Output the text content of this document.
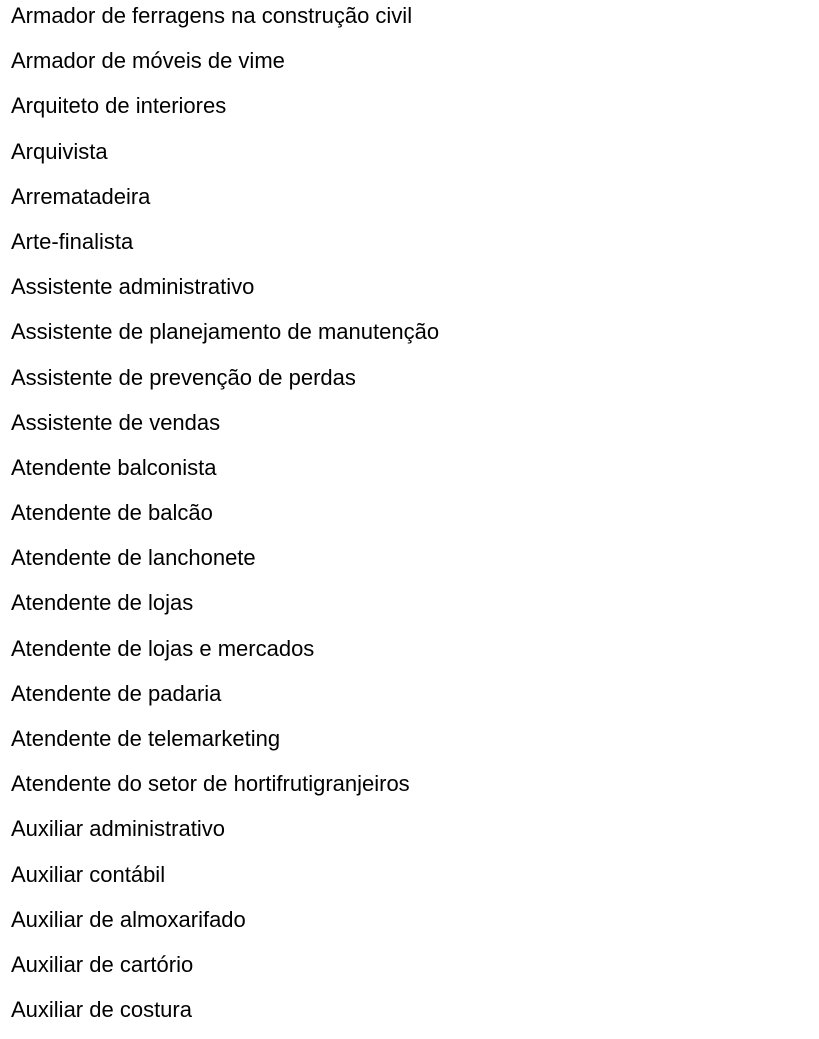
Armador de ferragens na construção civil
Armador de móveis de vime
Arquiteto de interiores
Arquivista
Arrematadeira
Arte-finalista
Assistente administrativo
Assistente de planejamento de manutenção
Assistente de prevenção de perdas
Assistente de vendas
Atendente balconista
Atendente de balcão
Atendente de lanchonete
Atendente de lojas
Atendente de lojas e mercados
Atendente de padaria
Atendente de telemarketing
Atendente do setor de hortifrutigranjeiros
Auxiliar administrativo
Auxiliar contábil
Auxiliar de almoxarifado
Auxiliar de cartório
Auxiliar de costura
